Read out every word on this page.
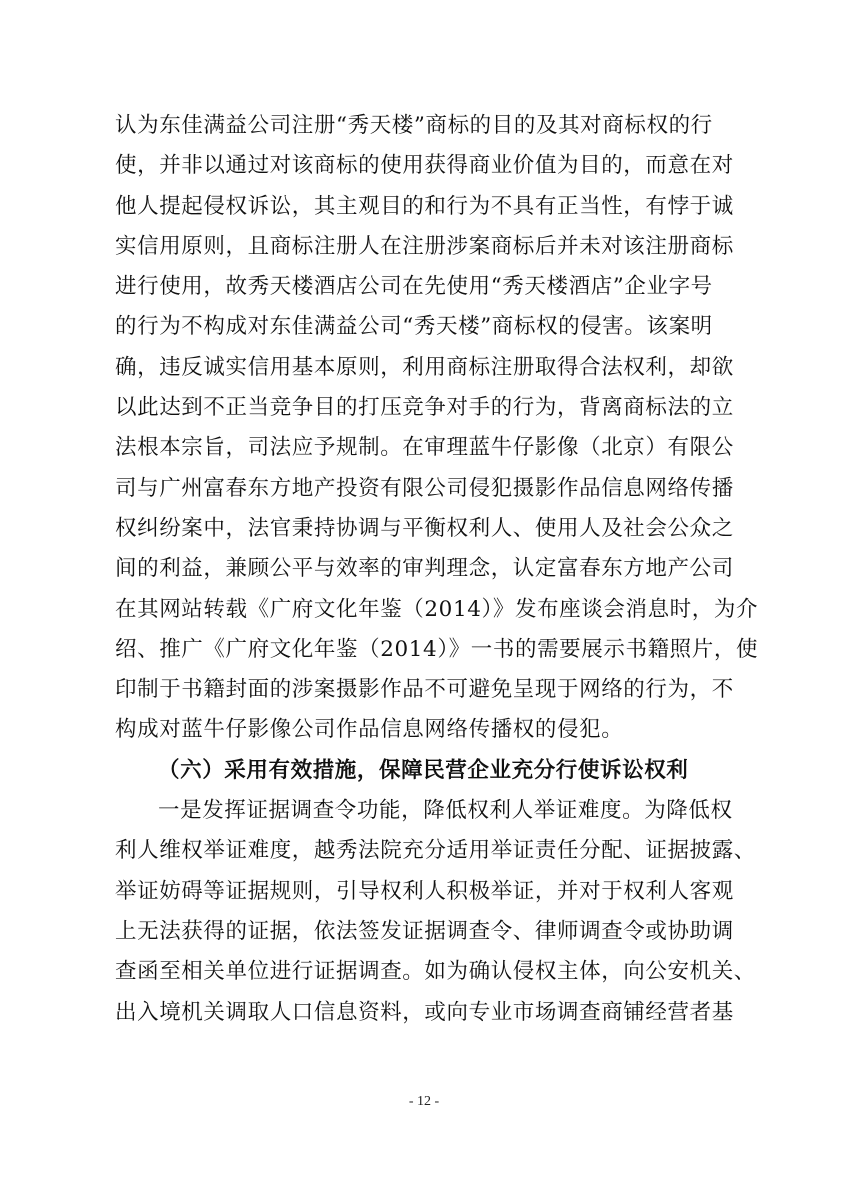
认为东佳满益公司注册“秀天楼”商标的目的及其对商标权的行
使，并非以通过对该商标的使用获得商业价值为目的，而意在对
他人提起侵权诉讼，其主观目的和行为不具有正当性，有悖于诚
实信用原则，且商标注册人在注册涉案商标后并未对该注册商标
进行使用，故秀天楼酒店公司在先使用“秀天楼酒店”企业字号
的行为不构成对东佳满益公司“秀天楼”商标权的侵害。该案明
确，违反诚实信用基本原则，利用商标注册取得合法权利，却欲
以此达到不正当竞争目的打压竞争对手的行为，背离商标法的立
法根本宗旨，司法应予规制。在审理蓝牛仔影像（北京）有限公
司与广州富春东方地产投资有限公司侵犯摄影作品信息网络传播
权纠纷案中，法官秉持协调与平衡权利人、使用人及社会公众之
间的利益，兼顾公平与效率的审判理念，认定富春东方地产公司
在其网站转载《广府文化年鉴（2014）》发布座谈会消息时，为介
绍、推广《广府文化年鉴（2014）》一书的需要展示书籍照片，使
印制于书籍封面的涉案摄影作品不可避免呈现于网络的行为，不
构成对蓝牛仔影像公司作品信息网络传播权的侵犯。
（六）采用有效措施，保障民营企业充分行使诉讼权利
一是发挥证据调查令功能，降低权利人举证难度。为降低权
利人维权举证难度，越秀法院充分适用举证责任分配、证据披露、
举证妨碍等证据规则，引导权利人积极举证，并对于权利人客观
上无法获得的证据，依法签发证据调查令、律师调查令或协助调
查函至相关单位进行证据调查。如为确认侵权主体，向公安机关、
出入境机关调取人口信息资料，或向专业市场调查商铺经营者基
- 12 -
